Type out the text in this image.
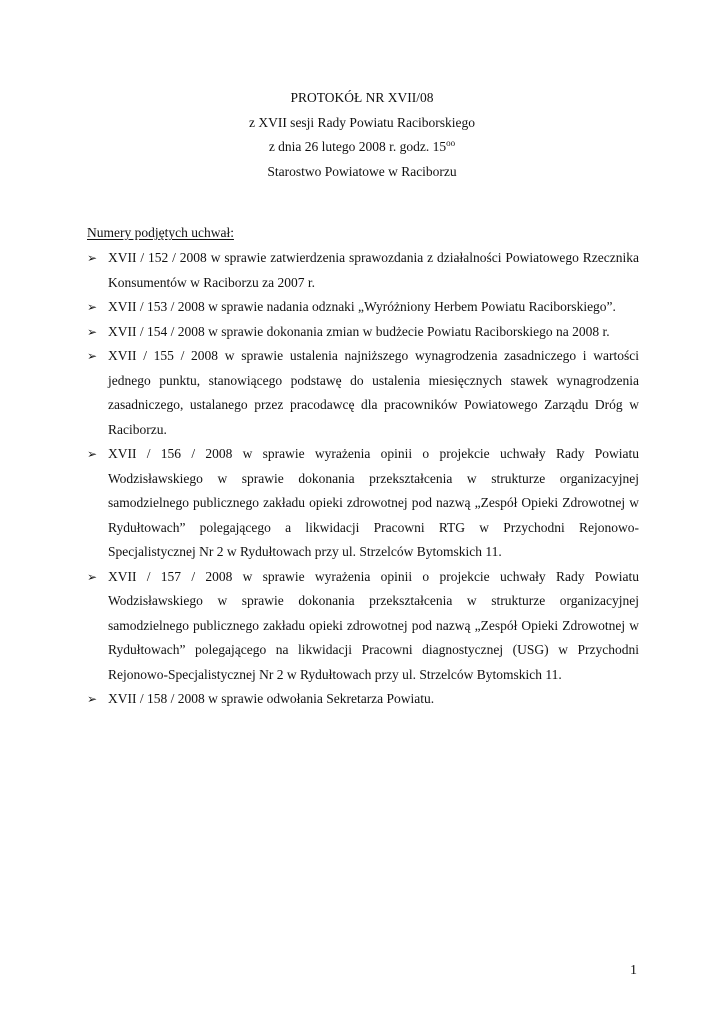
PROTOKÓŁ NR XVII/08
z XVII sesji Rady Powiatu Raciborskiego
z dnia 26 lutego 2008 r. godz. $15^{oo}$
Starostwo Powiatowe w Raciborzu
Numery podjętych uchwał:
➢ XVII / 152 / 2008 w sprawie zatwierdzenia sprawozdania z działalności Powiatowego Rzecznika Konsumentów w Raciborzu za 2007 r.
➢ XVII / 153 / 2008 w sprawie nadania odznaki „Wyróżniony Herbem Powiatu Raciborskiego”.
➢ XVII / 154 / 2008 w sprawie dokonania zmian w budżecie Powiatu Raciborskiego na 2008 r.
➢ XVII / 155 / 2008 w sprawie ustalenia najniższego wynagrodzenia zasadniczego i wartości jednego punktu, stanowiącego podstawę do ustalenia miesięcznych stawek wynagrodzenia zasadniczego, ustalanego przez pracodawcę dla pracowników Powiatowego Zarządu Dróg w Raciborzu.
➢ XVII / 156 / 2008 w sprawie wyrażenia opinii o projekcie uchwały Rady Powiatu Wodzisławskiego w sprawie dokonania przekształcenia w strukturze organizacyjnej samodzielnego publicznego zakładu opieki zdrowotnej pod nazwą „Zespół Opieki Zdrowotnej w Rydułtowach” polegającego a likwidacji Pracowni RTG w Przychodni Rejonowo-Specjalistycznej Nr 2 w Rydułtowach przy ul. Strzelców Bytomskich 11.
➢ XVII / 157 / 2008 w sprawie wyrażenia opinii o projekcie uchwały Rady Powiatu Wodzisławskiego w sprawie dokonania przekształcenia w strukturze organizacyjnej samodzielnego publicznego zakładu opieki zdrowotnej pod nazwą „Zespół Opieki Zdrowotnej w Rydułtowach” polegającego na likwidacji Pracowni diagnostycznej (USG) w Przychodni Rejonowo-Specjalistycznej Nr 2 w Rydułtowach przy ul. Strzelców Bytomskich 11.
➢ XVII / 158 / 2008 w sprawie odwołania Sekretarza Powiatu.
1
